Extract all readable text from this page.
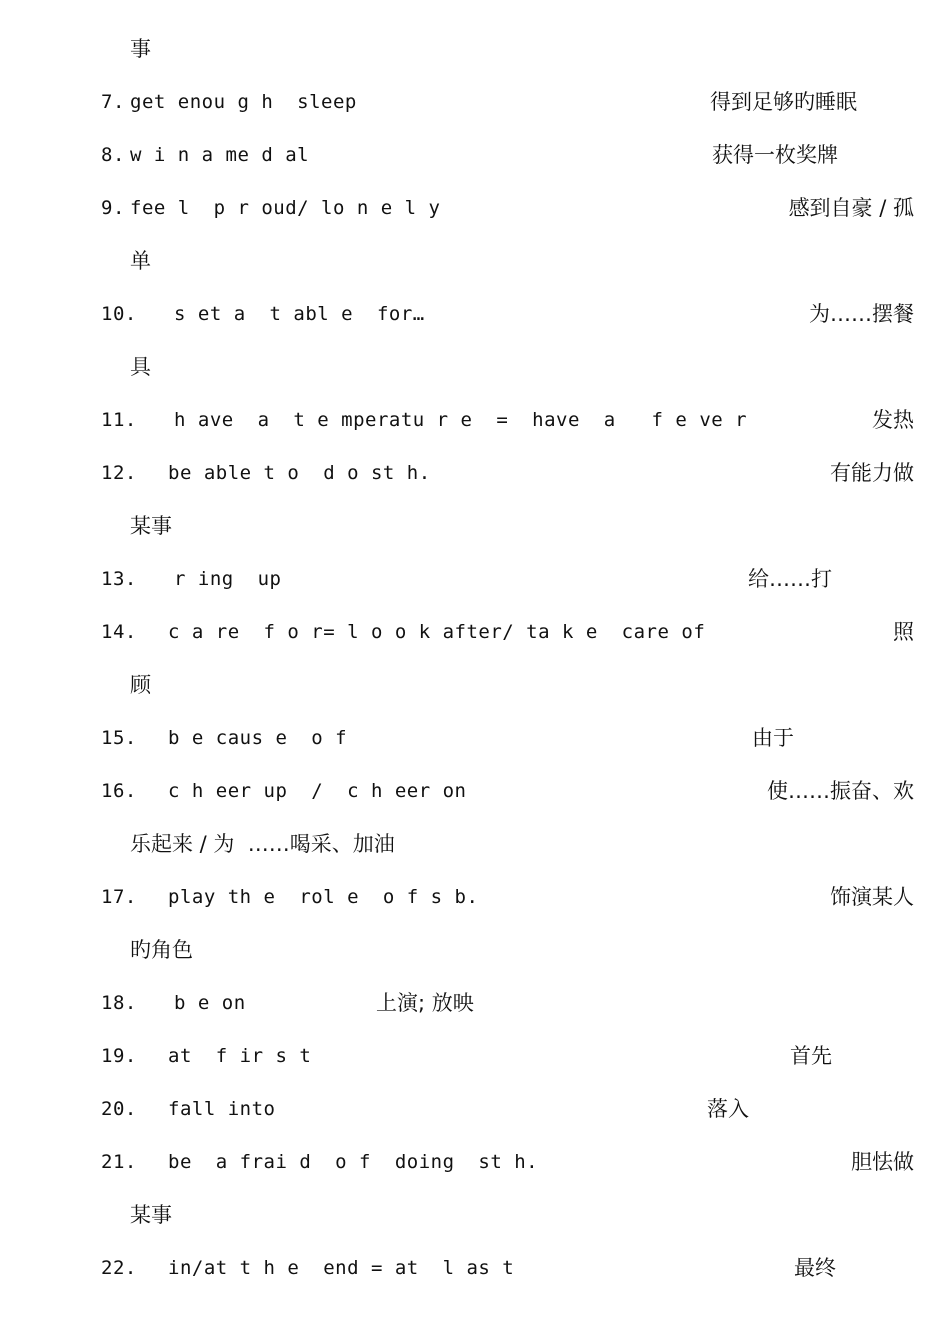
事
7. get enou g h  sleep	得到足够旳睡眠
8. w i n a me d al	获得一枚奖牌
9. fee l  p r oud/ lo n e l y	感到自豪 / 孤
单
10. s et a  t abl e  for…	为……摆餐
具
11. h ave  a  t e mperatu r e  =  have  a   f e ve r	发热
12. be able t o  d o st h.	有能力做
某事
13. r ing  up	给……打
14. c a re  f o r= l o o k after/ ta k e  care of	照
顾
15. b e caus e  o f	由于
16. c h eer up  /  c h eer on	使……振奋、欢
乐起来 / 为  ……喝采、加油
17. play th e  rol e  o f s b.	饰演某人
旳角色
18. b e on	上演; 放映
19. at  f ir s t	首先
20. fall into	落入
21. be  a frai d  o f  doing  st h.	胆怯做
某事
22. in/at t h e  end = at  l as t	最终
